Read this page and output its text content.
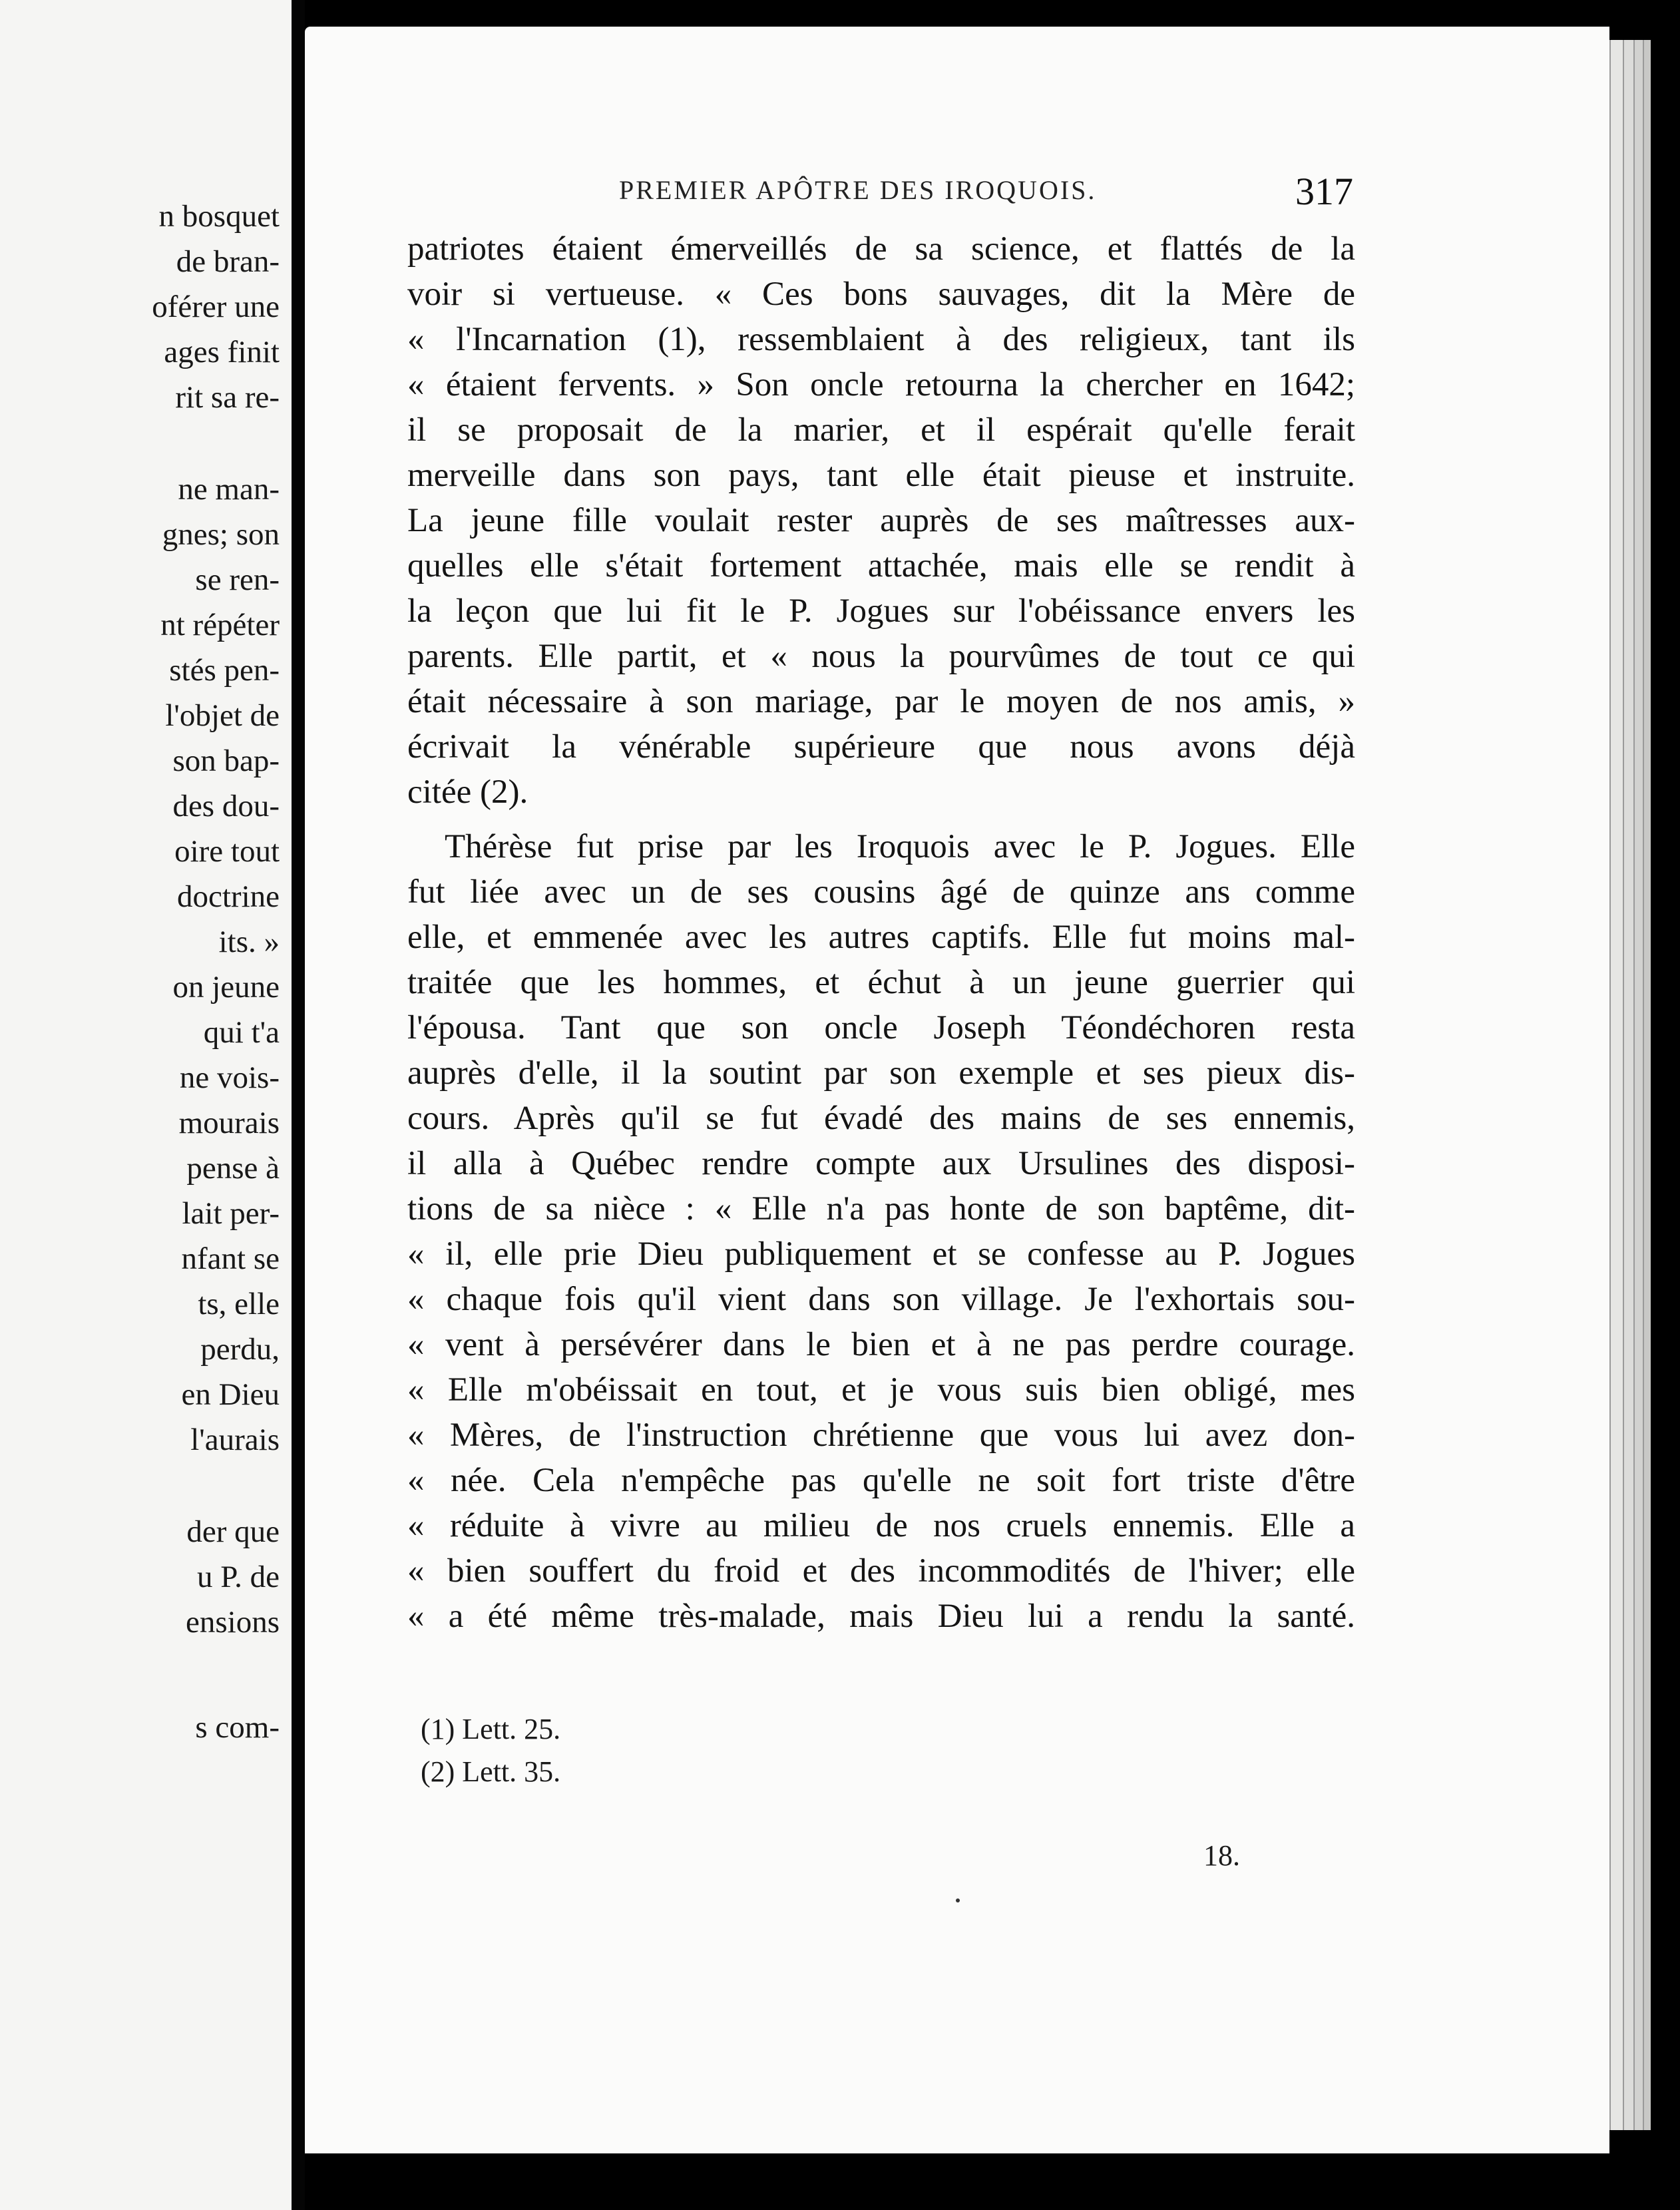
n bosquet
de bran-
oférer une
ages finit
rit sa re-
ne man-
gnes; son
se ren-
nt répéter
stés pen-
l'objet de
son bap-
des dou-
oire tout
doctrine
its. »
on jeune
qui t'a
ne vois-
mourais
pense à
lait per-
nfant se
ts, elle
perdu,
en Dieu
l'aurais
der que
u P. de
ensions
s com-
PREMIER APÔTRE DES IROQUOIS.	317
patriotes étaient émerveillés de sa science, et flattés de la
voir si vertueuse. « Ces bons sauvages, dit la Mère de
« l'Incarnation (1), ressemblaient à des religieux, tant ils
« étaient fervents. » Son oncle retourna la chercher en 1642;
il se proposait de la marier, et il espérait qu'elle ferait
merveille dans son pays, tant elle était pieuse et instruite.
La jeune fille voulait rester auprès de ses maîtresses aux-
quelles elle s'était fortement attachée, mais elle se rendit à
la leçon que lui fit le P. Jogues sur l'obéissance envers les
parents. Elle partit, et « nous la pourvûmes de tout ce qui
était nécessaire à son mariage, par le moyen de nos amis, »
écrivait la vénérable supérieure que nous avons déjà
citée (2).
Thérèse fut prise par les Iroquois avec le P. Jogues. Elle
fut liée avec un de ses cousins âgé de quinze ans comme
elle, et emmenée avec les autres captifs. Elle fut moins mal-
traitée que les hommes, et échut à un jeune guerrier qui
l'épousa. Tant que son oncle Joseph Téondéchoren resta
auprès d'elle, il la soutint par son exemple et ses pieux dis-
cours. Après qu'il se fut évadé des mains de ses ennemis,
il alla à Québec rendre compte aux Ursulines des disposi-
tions de sa nièce : « Elle n'a pas honte de son baptême, dit-
« il, elle prie Dieu publiquement et se confesse au P. Jogues
« chaque fois qu'il vient dans son village. Je l'exhortais sou-
« vent à persévérer dans le bien et à ne pas perdre courage.
« Elle m'obéissait en tout, et je vous suis bien obligé, mes
« Mères, de l'instruction chrétienne que vous lui avez don-
« née. Cela n'empêche pas qu'elle ne soit fort triste d'être
« réduite à vivre au milieu de nos cruels ennemis. Elle a
« bien souffert du froid et des incommodités de l'hiver; elle
« a été même très-malade, mais Dieu lui a rendu la santé.
(1) Lett. 25.
(2) Lett. 35.
18.
